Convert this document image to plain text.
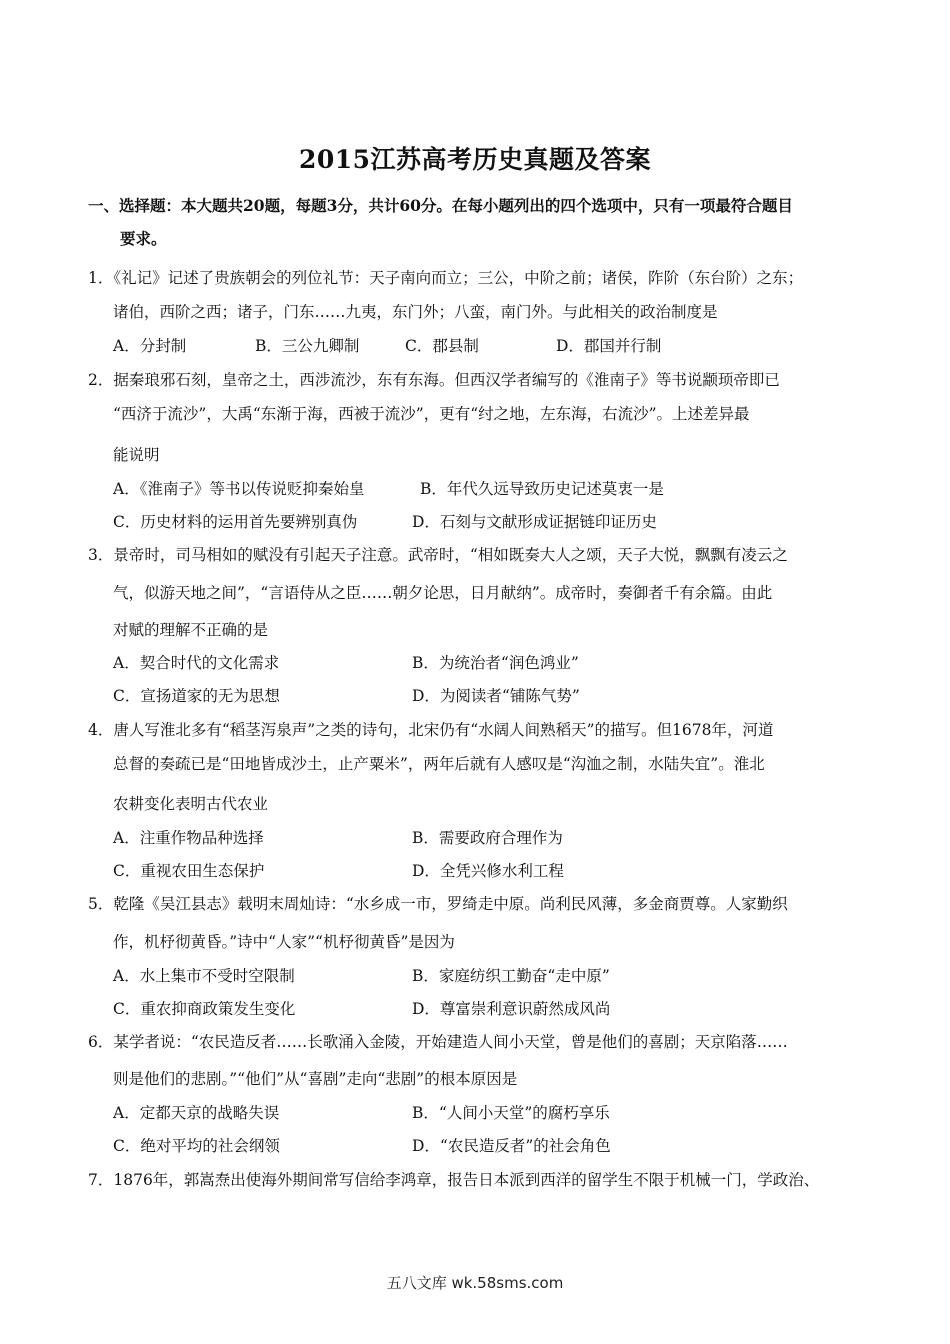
2015江苏高考历史真题及答案
一、选择题：本大题共20题，每题3分，共计60分。在每小题列出的四个选项中，只有一项最符合题目
要求。
1．《礼记》记述了贵族朝会的列位礼节：天子南向而立；三公，中阶之前；诸侯，阼阶（东台阶）之东；
诸伯，西阶之西；诸子，门东……九夷，东门外；八蛮，南门外。与此相关的政治制度是
A．分封制	B．三公九卿制	C．郡县制	D．郡国并行制
2．据秦琅邪石刻，皇帝之土，西涉流沙，东有东海。但西汉学者编写的《淮南子》等书说颛顼帝即已
“西济于流沙”，大禹“东渐于海，西被于流沙”，更有“纣之地，左东海，右流沙”。上述差异最
能说明
A．《淮南子》等书以传说贬抑秦始皇	B．年代久远导致历史记述莫衷一是
C．历史材料的运用首先要辨别真伪	D．石刻与文献形成证据链印证历史
3．景帝时，司马相如的赋没有引起天子注意。武帝时，“相如既奏大人之颂，天子大悦，飘飘有凌云之
气，似游天地之间”，“言语侍从之臣……朝夕论思，日月献纳”。成帝时，奏御者千有余篇。由此
对赋的理解不正确的是
A．契合时代的文化需求	B．为统治者“润色鸿业”
C．宣扬道家的无为思想	D．为阅读者“铺陈气势”
4．唐人写淮北多有“稻茎泻泉声”之类的诗句，北宋仍有“水阔人间熟稻天”的描写。但1678年，河道
总督的奏疏已是“田地皆成沙土，止产粟米”，两年后就有人感叹是“沟洫之制，水陆失宜”。淮北
农耕变化表明古代农业
A．注重作物品种选择	B．需要政府合理作为
C．重视农田生态保护	D．全凭兴修水利工程
5．乾隆《吴江县志》载明末周灿诗：“水乡成一市，罗绮走中原。尚利民风薄，多金商贾尊。人家勤织
作，机杼彻黄昏。”诗中“人家”“机杼彻黄昏”是因为
A．水上集市不受时空限制	B．家庭纺织工勤奋“走中原”
C．重农抑商政策发生变化	D．尊富崇利意识蔚然成风尚
6．某学者说：“农民造反者……长歌涌入金陵，开始建造人间小天堂，曾是他们的喜剧；天京陷落……
则是他们的悲剧。”“他们”从“喜剧”走向“悲剧”的根本原因是
A．定都天京的战略失误	B．“人间小天堂”的腐朽享乐
C．绝对平均的社会纲领	D．“农民造反者”的社会角色
7．1876年，郭嵩焘出使海外期间常写信给李鸿章，报告日本派到西洋的留学生不限于机械一门，学政治、
五八文库 wk.58sms.com
